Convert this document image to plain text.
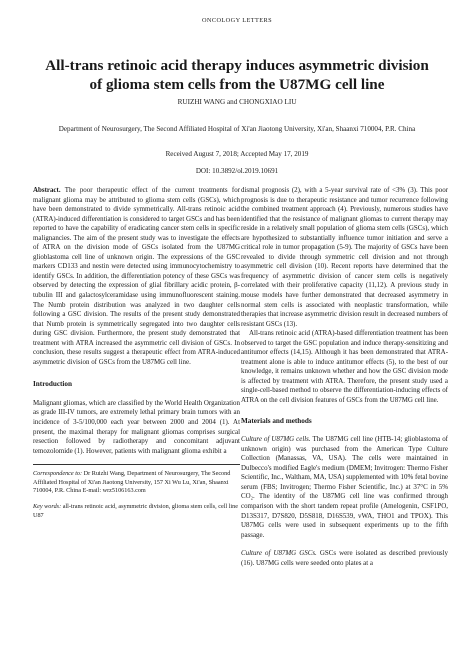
ONCOLOGY LETTERS
All-trans retinoic acid therapy induces asymmetric division of glioma stem cells from the U87MG cell line
RUIZHI WANG and CHONGXIAO LIU
Department of Neurosurgery, The Second Affiliated Hospital of Xi'an Jiaotong University, Xi'an, Shaanxi 710004, P.R. China
Received August 7, 2018; Accepted May 17, 2019
DOI: 10.3892/ol.2019.10691

Abstract. The poor therapeutic effect of the current treatments for malignant glioma may be attributed to glioma stem cells (GSCs), which have been demonstrated to divide symmetrically. All-trans retinoic acid (ATRA)-induced differentiation is considered to target GSCs and has been reported to have the capability of eradicating cancer stem cells in specific malignancies. The aim of the present study was to investigate the effects of ATRA on the division mode of GSCs isolated from the U87MG glioblastoma cell line of unknown origin. The expressions of the GSC markers CD133 and nestin were detected using immunocytochemistry to identify GSCs. In addition, the differentiation potency of these GSCs was observed by detecting the expression of glial fibrillary acidic protein, β-tubulin III and galactosylceramidase using immunofluorescent staining. The Numb protein distribution was analyzed in two daughter cells following a GSC division. The results of the present study demonstrated that Numb protein is symmetrically segregated into two daughter cells during GSC division. Furthermore, the present study demonstrated that treatment with ATRA increased the asymmetric cell division of GSCs. In conclusion, these results suggest a therapeutic effect from ATRA-induced asymmetric division of GSCs from the U87MG cell line.

Introduction

Malignant gliomas, which are classified by the World Health Organization as grade III-IV tumors, are extremely lethal primary brain tumors with an incidence of 3-5/100,000 each year between 2000 and 2004 (1). At present, the maximal therapy for malignant gliomas comprises surgical resection followed by radiotherapy and concomitant adjuvant temozolomide (1). However, patients with malignant glioma exhibit a

Correspondence to: Dr Ruizhi Wang, Department of Neurosurgery, The Second Affiliated Hospital of Xi'an Jiaotong University, 157 Xi Wu Lu, Xi'an, Shaanxi 710004, P.R. China E-mail: wrz5106163.com

Key words: all-trans retinoic acid, asymmetric division, glioma stem cells, cell line U87

dismal prognosis (2), with a 5-year survival rate of <3% (3). This poor prognosis is due to therapeutic resistance and tumor recurrence following the combined treatment approach (4). Previously, numerous studies have identified that the resistance of malignant gliomas to current therapy may reside in a relatively small population of glioma stem cells (GSCs), which are hypothesized to substantially influence tumor initiation and serve a critical role in tumor propagation (5-9). The majority of GSCs have been revealed to divide through symmetric cell division and not through asymmetric cell division (10). Recent reports have determined that the frequency of asymmetric division of cancer stem cells is negatively correlated with their proliferative capacity (11,12). A previous study in mouse models have further demonstrated that decreased asymmetry in normal stem cells is associated with neoplastic transformation, while therapies that increase asymmetric division result in decreased numbers of resistant GSCs (13).

All-trans retinoic acid (ATRA)-based differentiation treatment has been observed to target the GSC population and induce therapy-sensitizing and antitumor effects (14,15). Although it has been demonstrated that ATRA-treatment alone is able to induce antitumor effects (5), to the best of our knowledge, it remains unknown whether and how the GSC division mode is affected by treatment with ATRA. Therefore, the present study used a single-cell-based method to observe the differentiation-inducing effects of ATRA on the cell division features of GSCs from the U87MG cell line.

Materials and methods

Culture of U87MG cells. The U87MG cell line (HTB-14; glioblastoma of unknown origin) was purchased from the American Type Culture Collection (Manassas, VA, USA). The cells were maintained in Dulbecco's modified Eagle's medium (DMEM; Invitrogen: Thermo Fisher Scientific, Inc., Waltham, MA, USA) supplemented with 10% fetal bovine serum (FBS; Invitrogen; Thermo Fisher Scientific, Inc.) at 37°C in 5% CO₂. The identity of the U87MG cell line was confirmed through comparison with the short tandem repeat profile (Amelogenin, CSF1PO, D13S317, D7S820, D5S818, D16S539, vWA, THO1 and TPOX). This U87MG cells were used in subsequent experiments up to the fifth passage.

Culture of U87MG GSCs. GSCs were isolated as described previously (16). U87MG cells were seeded onto plates at a
